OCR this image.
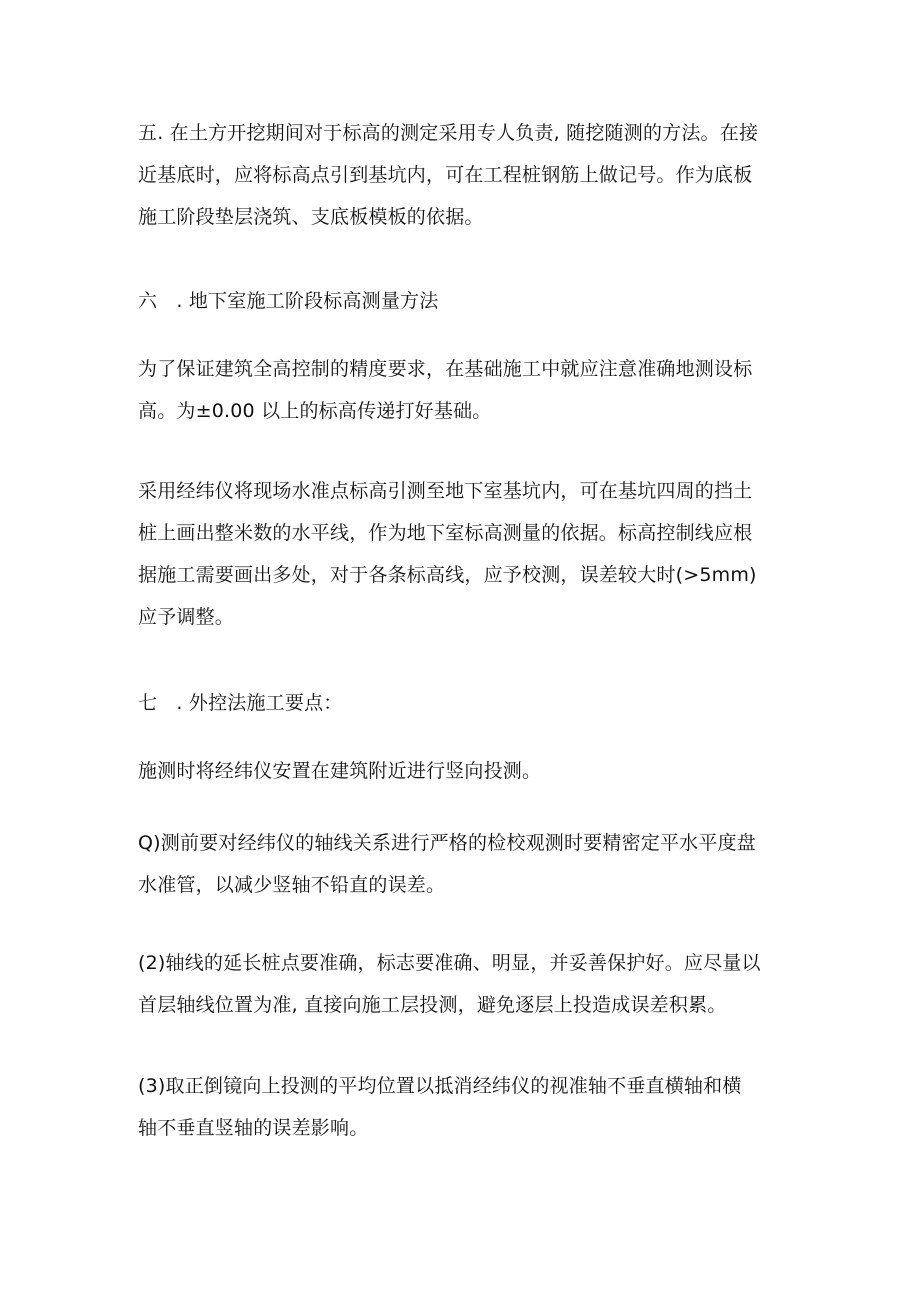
五. 在土方开挖期间对于标高的测定采用专人负责, 随挖随测的方法。在接
近基底时，应将标高点引到基坑内，可在工程桩钢筋上做记号。作为底板
施工阶段垫层浇筑、支底板模板的依据。
六　. 地下室施工阶段标高测量方法
为了保证建筑全高控制的精度要求，在基础施工中就应注意准确地测设标
高。为±0.00 以上的标高传递打好基础。
采用经纬仪将现场水准点标高引测至地下室基坑内，可在基坑四周的挡土
桩上画出整米数的水平线，作为地下室标高测量的依据。标高控制线应根
据施工需要画出多处，对于各条标高线，应予校测，误差较大时(>5mm)
应予调整。
七　. 外控法施工要点：
施测时将经纬仪安置在建筑附近进行竖向投测。
Q)测前要对经纬仪的轴线关系进行严格的检校观测时要精密定平水平度盘
水准管，以减少竖轴不铅直的误差。
(2)轴线的延长桩点要准确，标志要准确、明显，并妥善保护好。应尽量以
首层轴线位置为准, 直接向施工层投测，避免逐层上投造成误差积累。
(3)取正倒镜向上投测的平均位置以抵消经纬仪的视准轴不垂直横轴和横
轴不垂直竖轴的误差影响。
